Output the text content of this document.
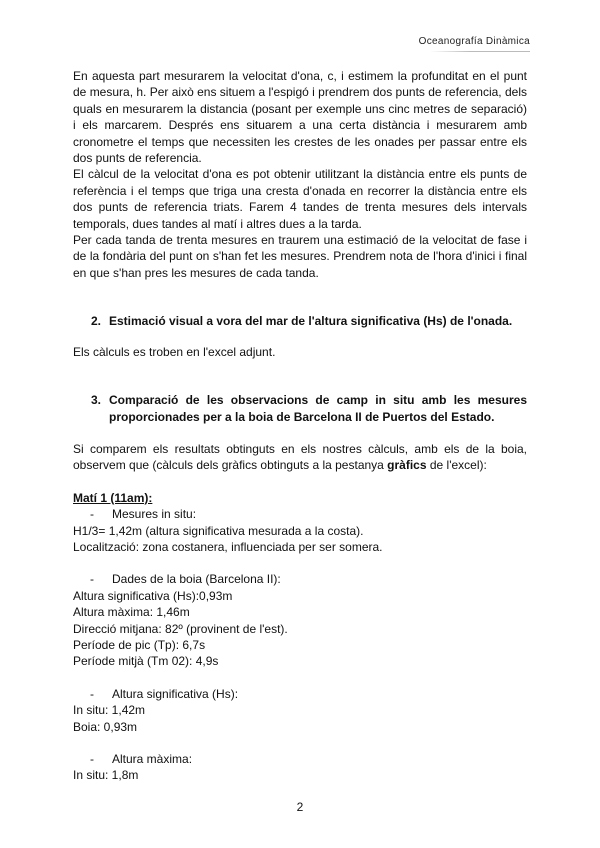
Oceanografía Dinàmica

En aquesta part mesurarem la velocitat d'ona, c, i estimem la profunditat en el punt de mesura, h. Per això ens situem a l'espigó i prendrem dos punts de referencia, dels quals en mesurarem la distancia (posant per exemple uns cinc metres de separació) i els marcarem. Després ens situarem a una certa distància i mesurarem amb cronometre el temps que necessiten les crestes de les onades per passar entre els dos punts de referencia.

El càlcul de la velocitat d'ona es pot obtenir utilitzant la distància entre els punts de referència i el temps que triga una cresta d'onada en recorrer la distància entre els dos punts de referencia triats. Farem 4 tandes de trenta mesures dels intervals temporals, dues tandes al matí i altres dues a la tarda.

Per cada tanda de trenta mesures en traurem una estimació de la velocitat de fase i de la fondària del punt on s'han fet les mesures. Prendrem nota de l'hora d'inici i final en que s'han pres les mesures de cada tanda.

2. Estimació visual a vora del mar de l'altura significativa (Hs) de l'onada.

Els càlculs es troben en l'excel adjunt.

3. Comparació de les observacions de camp in situ amb les mesures proporcionades per a la boia de Barcelona II de Puertos del Estado.

Si comparem els resultats obtinguts en els nostres càlculs, amb els de la boia, observem que (càlculs dels gràfics obtinguts a la pestanya gràfics de l'excel):

Matí 1 (11am):

- Mesures in situ:

H1/3= 1,42m (altura significativa mesurada a la costa).

Localització: zona costanera, influenciada per ser somera.

- Dades de la boia (Barcelona II):

Altura significativa (Hs):0,93m

Altura màxima: 1,46m

Direcció mitjana: 82º (provinent de l'est).

Període de pic (Tp): 6,7s

Període mitjà (Tm 02): 4,9s

- Altura significativa (Hs):

In situ: 1,42m

Boia: 0,93m

- Altura màxima:

In situ: 1,8m

2
